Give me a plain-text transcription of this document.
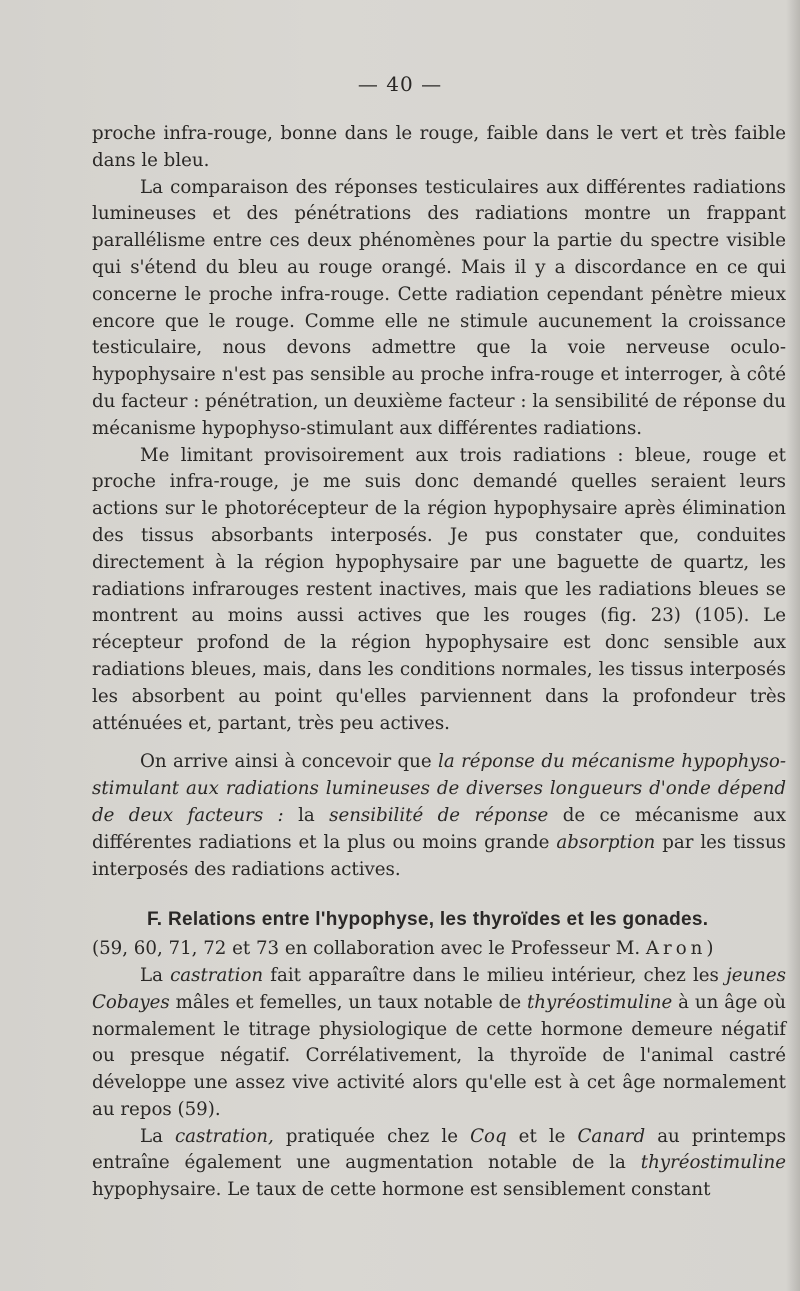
— 40 —

proche infra-rouge, bonne dans le rouge, faible dans le vert et très faible dans le bleu.

La comparaison des réponses testiculaires aux différentes radiations lumineuses et des pénétrations des radiations montre un frappant parallélisme entre ces deux phénomènes pour la partie du spectre visible qui s'étend du bleu au rouge orangé. Mais il y a discordance en ce qui concerne le proche infra-rouge. Cette radiation cependant pénètre mieux encore que le rouge. Comme elle ne stimule aucunement la croissance testiculaire, nous devons admettre que la voie nerveuse oculo-hypophysaire n'est pas sensible au proche infra-rouge et interroger, à côté du facteur : pénétration, un deuxième facteur : la sensibilité de réponse du mécanisme hypophyso-stimulant aux différentes radiations.

Me limitant provisoirement aux trois radiations : bleue, rouge et proche infra-rouge, je me suis donc demandé quelles seraient leurs actions sur le photorécepteur de la région hypophysaire après élimination des tissus absorbants interposés. Je pus constater que, conduites directement à la région hypophysaire par une baguette de quartz, les radiations infrarouges restent inactives, mais que les radiations bleues se montrent au moins aussi actives que les rouges (fig. 23) (105). Le récepteur profond de la région hypophysaire est donc sensible aux radiations bleues, mais, dans les conditions normales, les tissus interposés les absorbent au point qu'elles parviennent dans la profondeur très atténuées et, partant, très peu actives.

On arrive ainsi à concevoir que la réponse du mécanisme hypophyso-stimulant aux radiations lumineuses de diverses longueurs d'onde dépend de deux facteurs : la sensibilité de réponse de ce mécanisme aux différentes radiations et la plus ou moins grande absorption par les tissus interposés des radiations actives.

F. Relations entre l'hypophyse, les thyroïdes et les gonades.

(59, 60, 71, 72 et 73 en collaboration avec le Professeur M. Aron)

La castration fait apparaître dans le milieu intérieur, chez les jeunes Cobayes mâles et femelles, un taux notable de thyréostimuline à un âge où normalement le titrage physiologique de cette hormone demeure négatif ou presque négatif. Corrélativement, la thyroïde de l'animal castré développe une assez vive activité alors qu'elle est à cet âge normalement au repos (59).

La castration, pratiquée chez le Coq et le Canard au printemps entraîne également une augmentation notable de la thyréostimuline hypophysaire. Le taux de cette hormone est sensiblement constant
